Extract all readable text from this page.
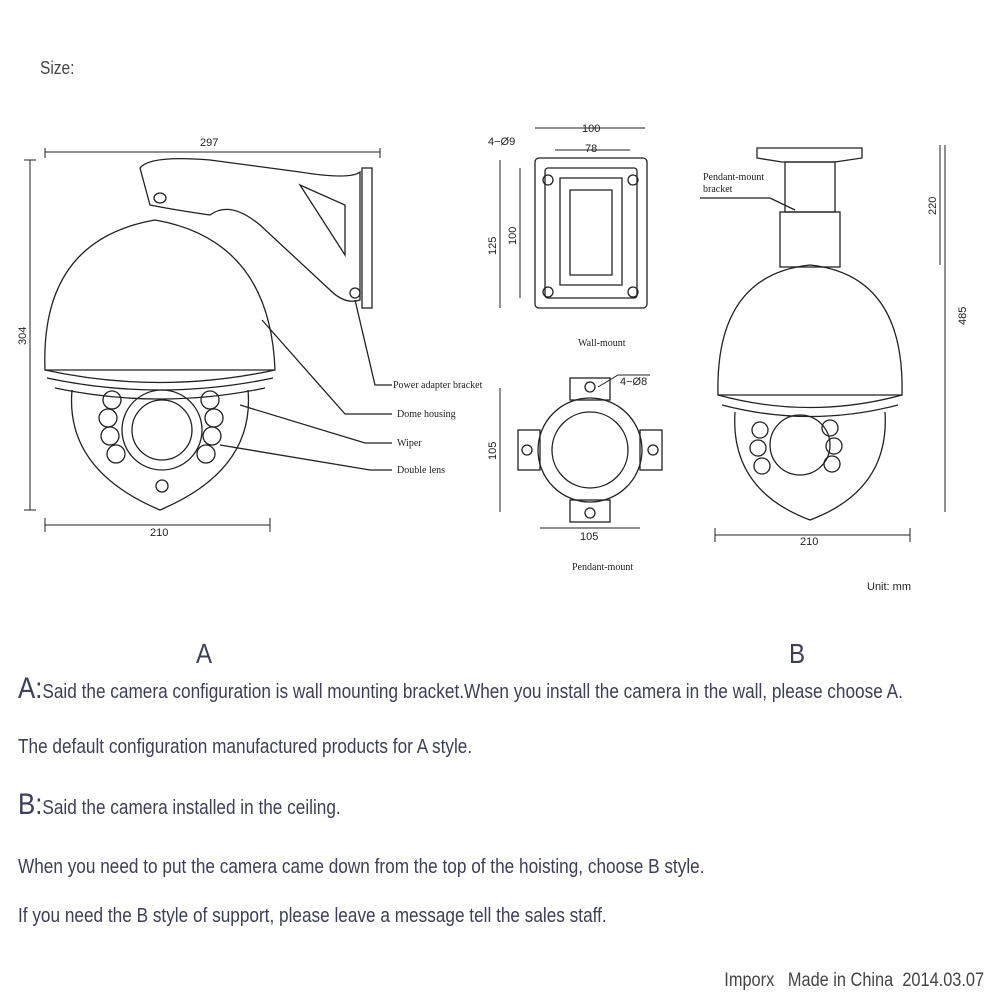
Size:
297
304
210
100
78
4−Ø9
125
100
4−Ø8
105
105
220
485
210
Power adapter bracket
Dome housing
Wiper
Double lens
Pendant-mount
bracket
Wall-mount
Pendant-mount
Unit: mm
A	B
A:Said the camera configuration is wall mounting bracket.When you install the camera in the wall, please choose A.
The default configuration manufactured products for A style.
B:Said the camera installed in the ceiling.
When you need to put the camera came down from the top of the hoisting, choose B style.
If you need the B style of support, please leave a message tell the sales staff.
Imporx Made in China 2014.03.07
